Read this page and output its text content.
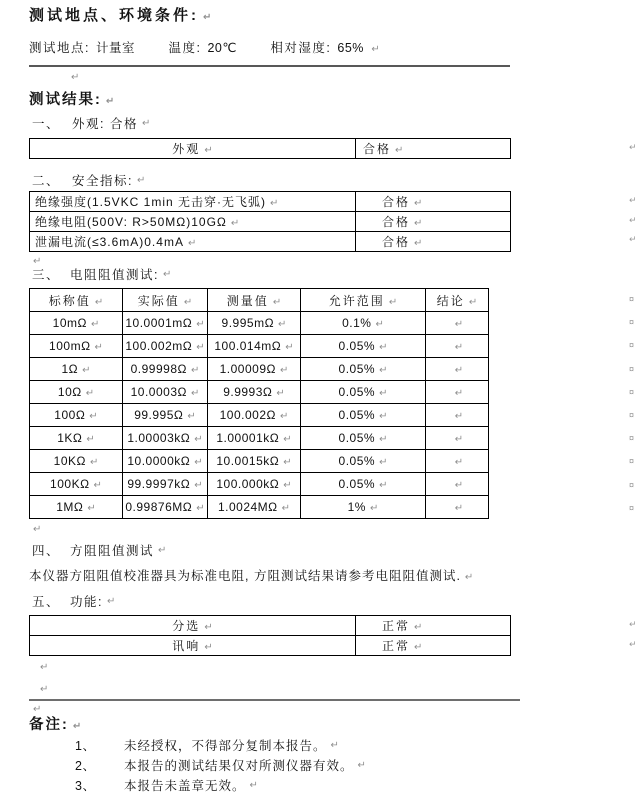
测试地点、环境条件: ↵
测试地点: 计量室	温度: 20℃	相对湿度: 65% ↵
↵
测试结果: ↵
一、 外观: 合格 ↵
外观 ↵	合格 ↵	↵
二、 安全指标: ↵
绝缘强度(1.5VKC 1min 无击穿·无飞弧) ↵	合格 ↵
绝缘电阻(500V: R>50MΩ)10GΩ ↵	合格 ↵
泄漏电流(≤3.6mA)0.4mA ↵	合格 ↵
↵
↵
↵
↵
三、 电阻阻值测试: ↵
标称值 ↵	实际值 ↵	测量值 ↵	允许范围 ↵	结论 ↵
10mΩ ↵	10.0001mΩ ↵	9.995mΩ ↵	0.1% ↵	↵
100mΩ ↵	100.002mΩ ↵	100.014mΩ ↵	0.05% ↵	↵
1Ω ↵	0.99998Ω ↵	1.00009Ω ↵	0.05% ↵	↵
10Ω ↵	10.0003Ω ↵	9.9993Ω ↵	0.05% ↵	↵
100Ω ↵	99.995Ω ↵	100.002Ω ↵	0.05% ↵	↵
1KΩ ↵	1.00003kΩ ↵	1.00001kΩ ↵	0.05% ↵	↵
10KΩ ↵	10.0000kΩ ↵	10.0015kΩ ↵	0.05% ↵	↵
100KΩ ↵	99.9997kΩ ↵	100.000kΩ ↵	0.05% ↵	↵
1MΩ ↵	0.99876MΩ ↵	1.0024MΩ ↵	1% ↵	↵
¤
¤
¤
¤
¤
¤
¤
¤
¤
¤
↵
四、 方阻阻值测试 ↵
本仪器方阻阻值校准器具为标准电阻, 方阻测试结果请参考电阻阻值测试. ↵
五、 功能: ↵
分选 ↵	正常 ↵
讯响 ↵	正常 ↵
↵
↵
↵
↵
↵
备注: ↵
1、	未经授权，不得部分复制本报告。 ↵
2、	本报告的测试结果仅对所测仪器有效。 ↵
3、	本报告未盖章无效。 ↵
